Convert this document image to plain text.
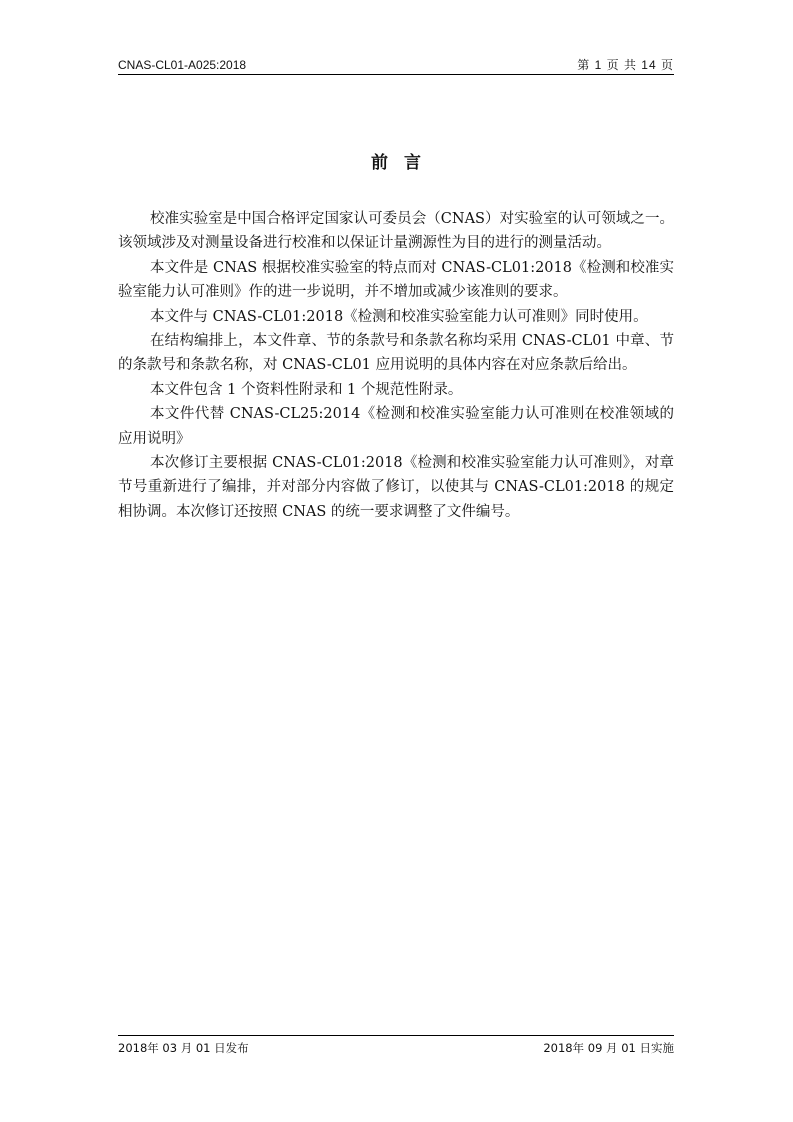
CNAS-CL01-A025:2018	第 1 页 共 14 页
前言

校准实验室是中国合格评定国家认可委员会（CNAS）对实验室的认可领域之一。该领域涉及对测量设备进行校准和以保证计量溯源性为目的进行的测量活动。

本文件是 CNAS 根据校准实验室的特点而对 CNAS-CL01:2018《检测和校准实验室能力认可准则》作的进一步说明，并不增加或减少该准则的要求。

本文件与 CNAS-CL01:2018《检测和校准实验室能力认可准则》同时使用。

在结构编排上，本文件章、节的条款号和条款名称均采用 CNAS-CL01 中章、节的条款号和条款名称，对 CNAS-CL01 应用说明的具体内容在对应条款后给出。

本文件包含 1 个资料性附录和 1 个规范性附录。

本文件代替 CNAS-CL25:2014《检测和校准实验室能力认可准则在校准领域的应用说明》

本次修订主要根据 CNAS-CL01:2018《检测和校准实验室能力认可准则》，对章节号重新进行了编排，并对部分内容做了修订，以使其与 CNAS-CL01:2018 的规定相协调。本次修订还按照 CNAS 的统一要求调整了文件编号。

2018年 03 月 01 日发布	2018年 09 月 01 日实施
